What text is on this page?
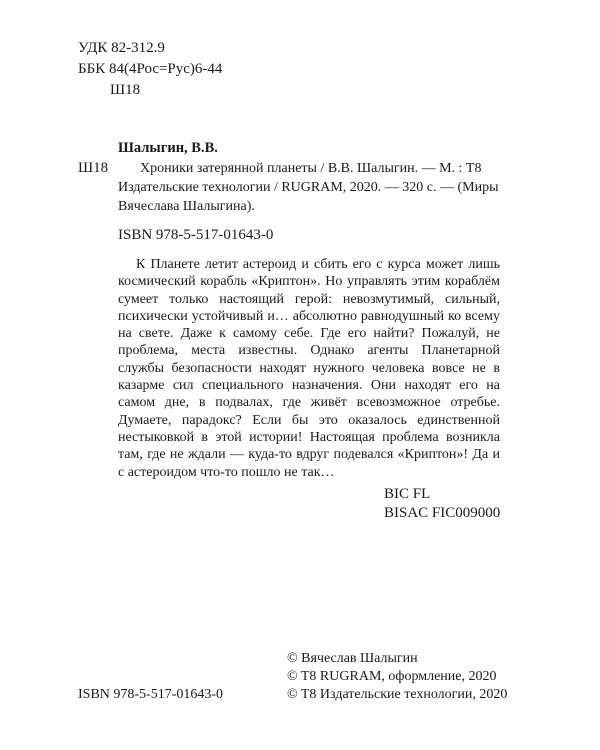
УДК 82-312.9
ББК 84(4Рос=Рус)6-44
Ш18
Шалыгин, В.В.
Ш18 Хроники затерянной планеты / В.В. Шалыгин. — М. : T8
Издательские технологии / RUGRAM, 2020. — 320 с. — (Миры
Вячеслава Шалыгина).
ISBN 978-5-517-01643-0
К Планете летит астероид и сбить его с курса может лишь космический корабль «Криптон». Но управлять этим кораблём сумеет только настоящий герой: невозмутимый, сильный, психически устойчивый и… абсолютно равнодушный ко всему на свете. Даже к самому себе. Где его найти? Пожалуй, не проблема, места известны. Однако агенты Планетарной службы безопасности находят нужного человека вовсе не в казарме сил специального назначения. Они находят его на самом дне, в подвалах, где живёт всевозможное отребье. Думаете, парадокс? Если бы это оказалось единственной нестыковкой в этой истории! Настоящая проблема возникла там, где не ждали — куда-то вдруг подевался «Криптон»! Да и с астероидом что-то пошло не так…
BIC FL
BISAC FIC009000
© Вячеслав Шалыгин
© T8 RUGRAM, оформление, 2020
© T8 Издательские технологии, 2020
ISBN 978-5-517-01643-0
